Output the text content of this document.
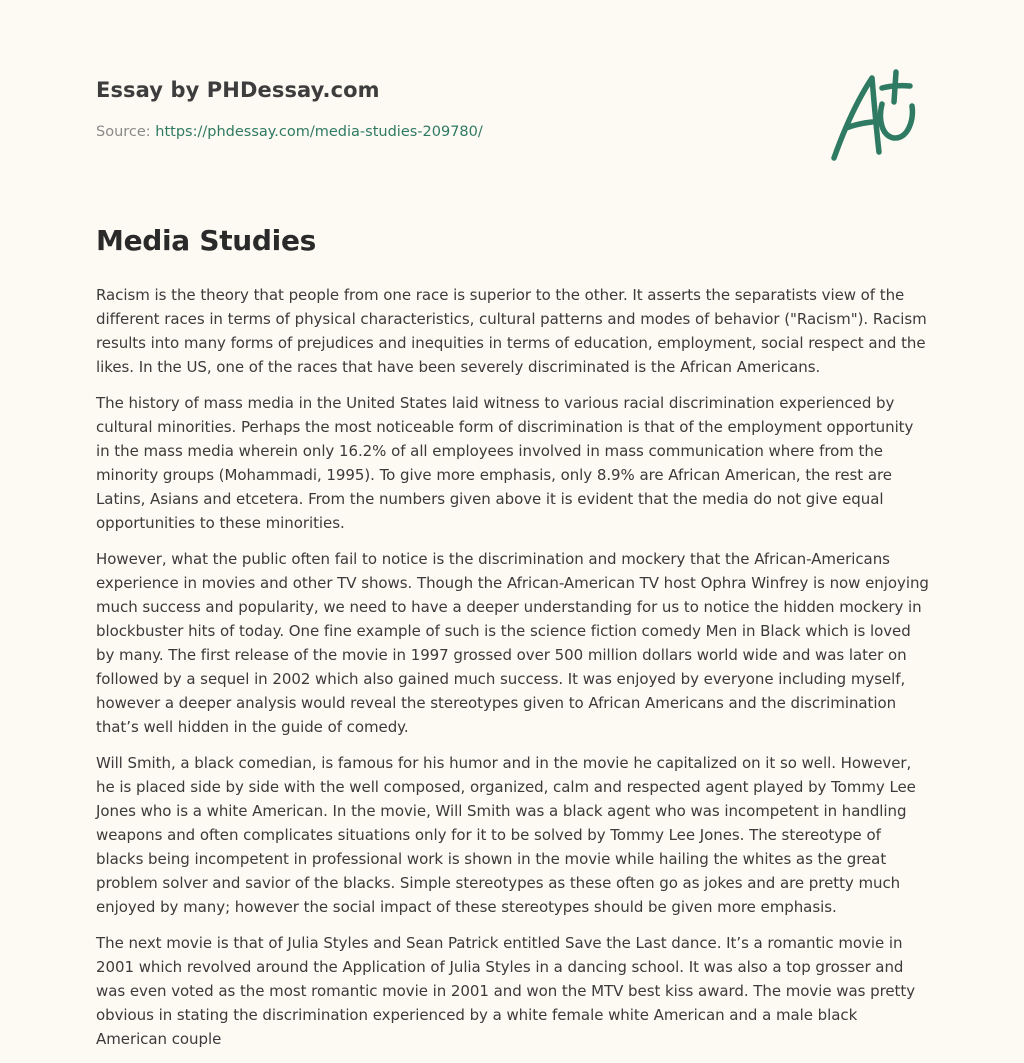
Essay by PHDessay.com

Source: https://phdessay.com/media-studies-209780/

Media Studies

Racism is the theory that people from one race is superior to the other. It asserts the separatists view of the different races in terms of physical characteristics, cultural patterns and modes of behavior ("Racism"). Racism results into many forms of prejudices and inequities in terms of education, employment, social respect and the likes. In the US, one of the races that have been severely discriminated is the African Americans.

The history of mass media in the United States laid witness to various racial discrimination experienced by cultural minorities. Perhaps the most noticeable form of discrimination is that of the employment opportunity in the mass media wherein only 16.2% of all employees involved in mass communication where from the minority groups (Mohammadi, 1995). To give more emphasis, only 8.9% are African American, the rest are Latins, Asians and etcetera. From the numbers given above it is evident that the media do not give equal opportunities to these minorities.

However, what the public often fail to notice is the discrimination and mockery that the African-Americans experience in movies and other TV shows. Though the African-American TV host Ophra Winfrey is now enjoying much success and popularity, we need to have a deeper understanding for us to notice the hidden mockery in blockbuster hits of today. One fine example of such is the science fiction comedy Men in Black which is loved by many. The first release of the movie in 1997 grossed over 500 million dollars world wide and was later on followed by a sequel in 2002 which also gained much success. It was enjoyed by everyone including myself, however a deeper analysis would reveal the stereotypes given to African Americans and the discrimination that’s well hidden in the guide of comedy.

Will Smith, a black comedian, is famous for his humor and in the movie he capitalized on it so well. However, he is placed side by side with the well composed, organized, calm and respected agent played by Tommy Lee Jones who is a white American. In the movie, Will Smith was a black agent who was incompetent in handling weapons and often complicates situations only for it to be solved by Tommy Lee Jones. The stereotype of blacks being incompetent in professional work is shown in the movie while hailing the whites as the great problem solver and savior of the blacks. Simple stereotypes as these often go as jokes and are pretty much enjoyed by many; however the social impact of these stereotypes should be given more emphasis.

The next movie is that of Julia Styles and Sean Patrick entitled Save the Last dance. It’s a romantic movie in 2001 which revolved around the Application of Julia Styles in a dancing school. It was also a top grosser and was even voted as the most romantic movie in 2001 and won the MTV best kiss award. The movie was pretty obvious in stating the discrimination experienced by a white female white American and a male black American couple
